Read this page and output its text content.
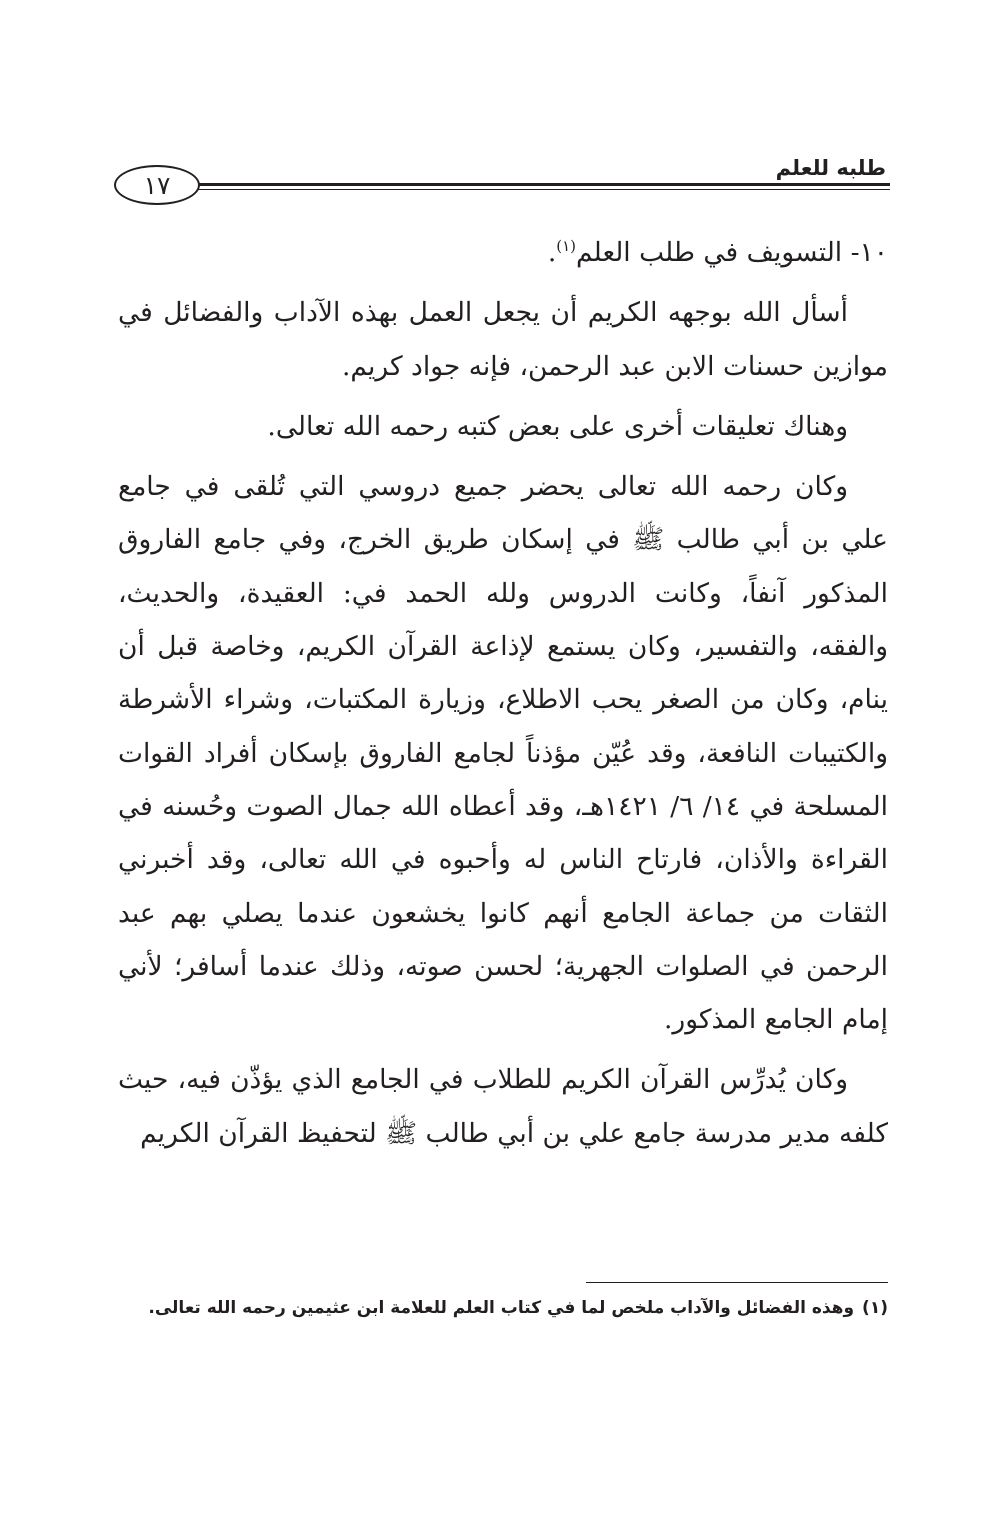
طلبه للعلم
١٧

١٠- التسويف في طلب العلم$^{(١)}$.

أسأل الله بوجهه الكريم أن يجعل العمل بهذه الآداب والفضائل في موازين حسنات الابن عبد الرحمن، فإنه جواد كريم.

وهناك تعليقات أخرى على بعض كتبه رحمه الله تعالى.

وكان رحمه الله تعالى يحضر جميع دروسي التي تُلقى في جامع علي بن أبي طالب ﷺ في إسكان طريق الخرج، وفي جامع الفاروق المذكور آنفاً، وكانت الدروس ولله الحمد في: العقيدة، والحديث، والفقه، والتفسير، وكان يستمع لإذاعة القرآن الكريم، وخاصة قبل أن ينام، وكان من الصغر يحب الاطلاع، وزيارة المكتبات، وشراء الأشرطة والكتيبات النافعة، وقد عُيّن مؤذناً لجامع الفاروق بإسكان أفراد القوات المسلحة في ١٤/ ٦/ ١٤٢١هـ، وقد أعطاه الله جمال الصوت وحُسنه في القراءة والأذان، فارتاح الناس له وأحبوه في الله تعالى، وقد أخبرني الثقات من جماعة الجامع أنهم كانوا يخشعون عندما يصلي بهم عبد الرحمن في الصلوات الجهرية؛ لحسن صوته، وذلك عندما أسافر؛ لأني إمام الجامع المذكور.

وكان يُدرِّس القرآن الكريم للطلاب في الجامع الذي يؤذّن فيه، حيث كلفه مدير مدرسة جامع علي بن أبي طالب ﷺ لتحفيظ القرآن الكريم

(١)وهذه الفضائل والآداب ملخص لما في كتاب العلم للعلامة ابن عثيمين رحمه الله تعالى.
